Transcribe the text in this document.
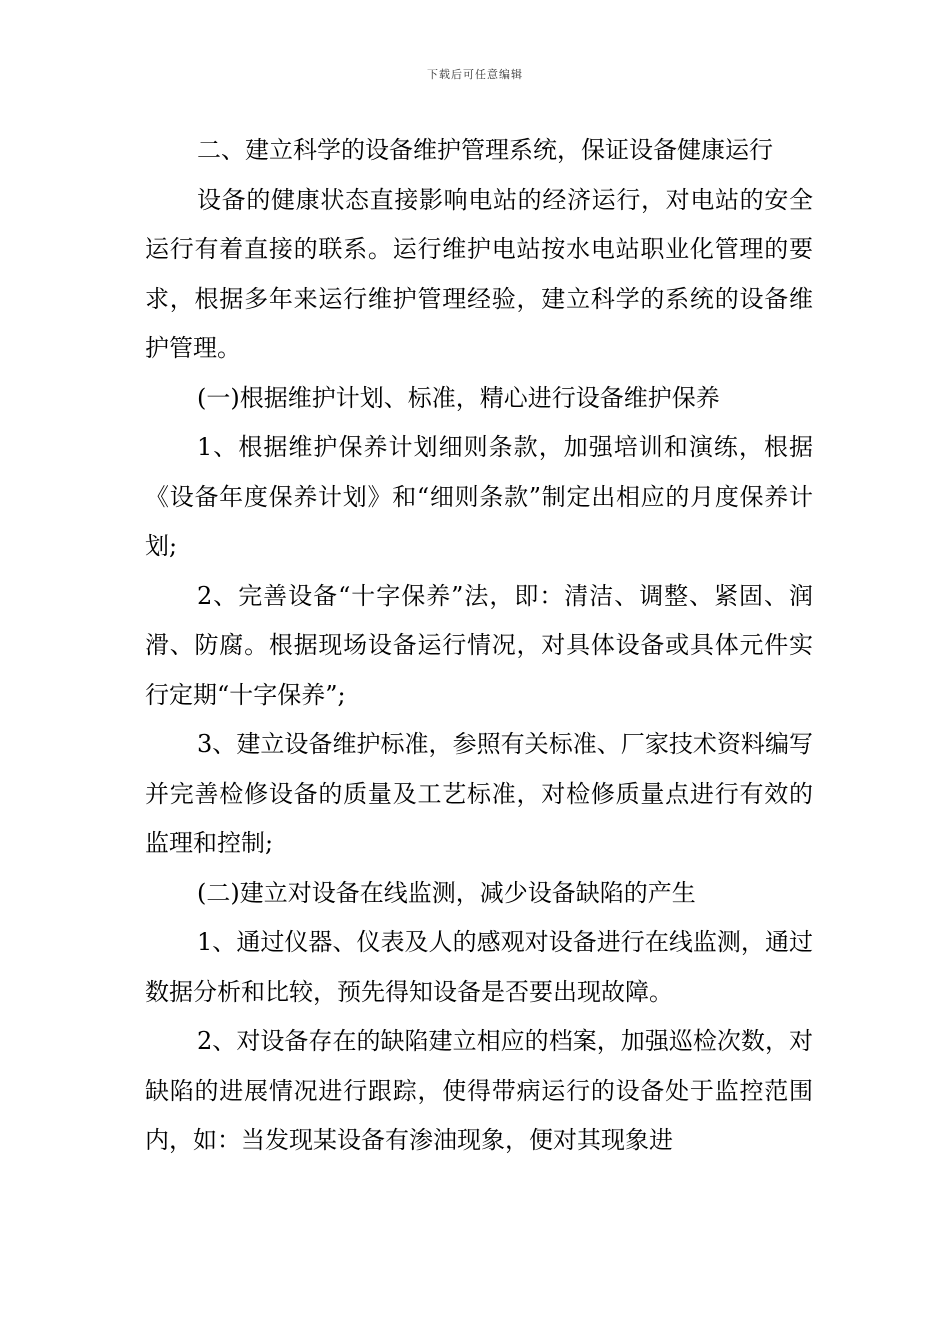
下载后可任意编辑

二、建立科学的设备维护管理系统，保证设备健康运行

设备的健康状态直接影响电站的经济运行，对电站的安全运行有着直接的联系。运行维护电站按水电站职业化管理的要求，根据多年来运行维护管理经验，建立科学的系统的设备维护管理。

(一)根据维护计划、标准，精心进行设备维护保养

1、根据维护保养计划细则条款，加强培训和演练，根据《设备年度保养计划》和“细则条款”制定出相应的月度保养计划;

2、完善设备“十字保养”法，即：清洁、调整、紧固、润滑、防腐。根据现场设备运行情况，对具体设备或具体元件实行定期“十字保养”;

3、建立设备维护标准，参照有关标准、厂家技术资料编写并完善检修设备的质量及工艺标准，对检修质量点进行有效的监理和控制;

(二)建立对设备在线监测，减少设备缺陷的产生

1、通过仪器、仪表及人的感观对设备进行在线监测，通过数据分析和比较，预先得知设备是否要出现故障。

2、对设备存在的缺陷建立相应的档案，加强巡检次数，对缺陷的进展情况进行跟踪，使得带病运行的设备处于监控范围内，如：当发现某设备有渗油现象，便对其现象进
